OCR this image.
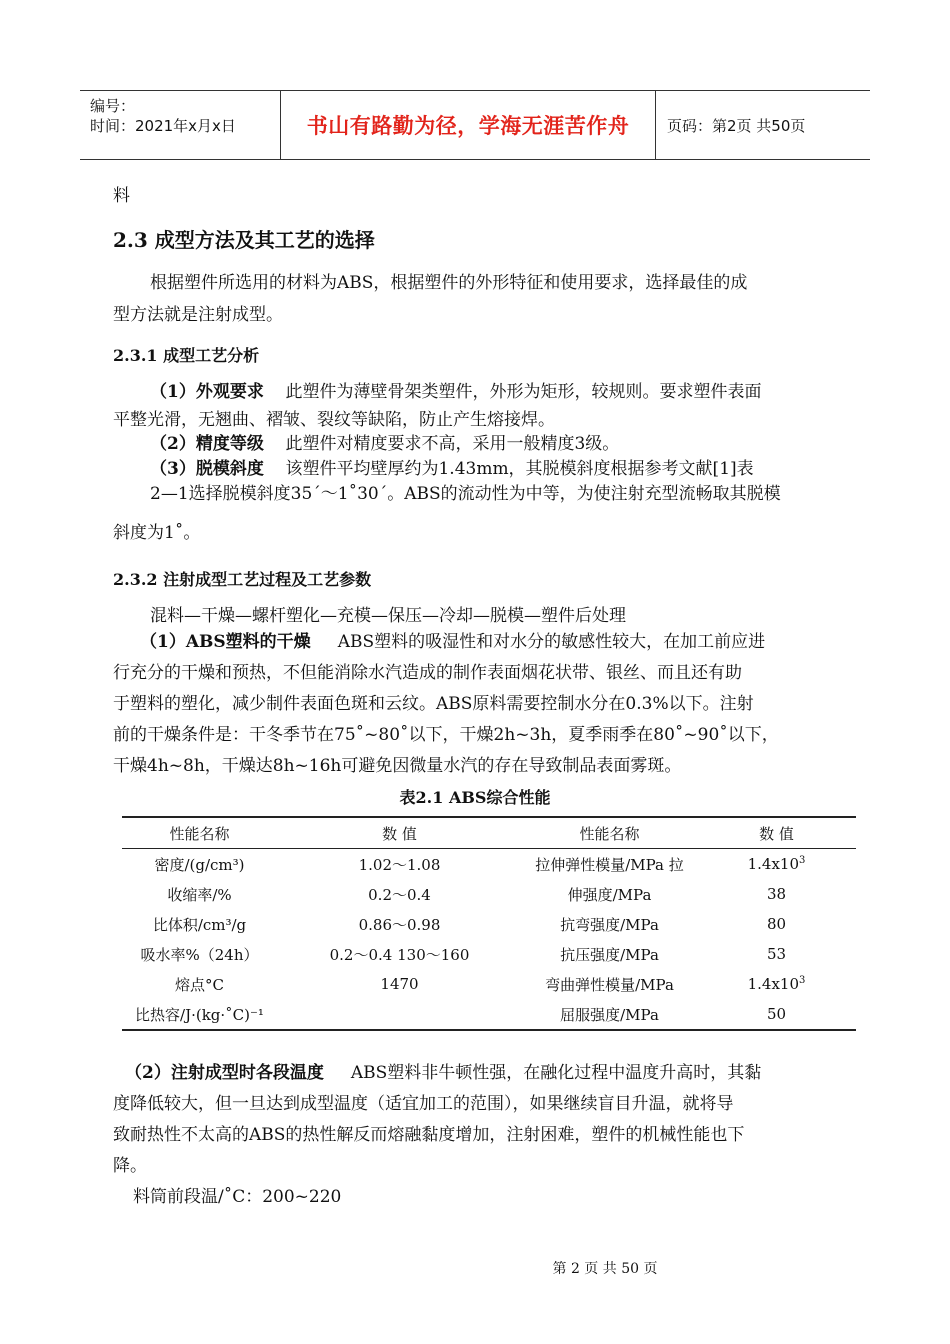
编号：
时间：2021年x月x日	书山有路勤为径，学海无涯苦作舟	页码：第2页 共50页
料
2.3 成型方法及其工艺的选择
根据塑件所选用的材料为ABS，根据塑件的外形特征和使用要求，选择最佳的成
型方法就是注射成型。
2.3.1 成型工艺分析
（1）外观要求 此塑件为薄壁骨架类塑件，外形为矩形，较规则。要求塑件表面
平整光滑，无翘曲、褶皱、裂纹等缺陷，防止产生熔接焊。
（2）精度等级 此塑件对精度要求不高，采用一般精度3级。
（3）脱模斜度 该塑件平均壁厚约为1.43mm，其脱模斜度根据参考文献[1]表
2—1选择脱模斜度35´～1˚30´。ABS的流动性为中等，为使注射充型流畅取其脱模
斜度为1˚。
2.3.2 注射成型工艺过程及工艺参数
混料—干燥—螺杆塑化—充模—保压—冷却—脱模—塑件后处理
（1）ABS塑料的干燥 ABS塑料的吸湿性和对水分的敏感性较大，在加工前应进
行充分的干燥和预热，不但能消除水汽造成的制作表面烟花状带、银丝、而且还有助
于塑料的塑化，减少制件表面色斑和云纹。ABS原料需要控制水分在0.3%以下。注射
前的干燥条件是：干冬季节在75˚~80˚以下，干燥2h~3h，夏季雨季在80˚~90˚以下，
干燥4h~8h，干燥达8h~16h可避免因微量水汽的存在导致制品表面雾斑。
表2.1 ABS综合性能
性能名称	数 值	性能名称	数 值
密度/(g/cm³)	1.02～1.08	拉伸弹性模量/MPa 拉	$1.4x10^3$
收缩率/%	0.2～0.4	伸强度/MPa	38
比体积/cm³/g	0.86～0.98	抗弯强度/MPa	80
吸水率%（24h）	0.2～0.4 130～160	抗压强度/MPa	53
熔点°C	1470	弯曲弹性模量/MPa	$1.4x10^3$
比热容/J·(kg·˚C)⁻¹		屈服强度/MPa	50
（2）注射成型时各段温度 ABS塑料非牛顿性强，在融化过程中温度升高时，其黏
度降低较大，但一旦达到成型温度（适宜加工的范围），如果继续盲目升温，就将导
致耐热性不太高的ABS的热性解反而熔融黏度增加，注射困难，塑件的机械性能也下
降。
料筒前段温/˚C：200~220
第 2 页 共 50 页
